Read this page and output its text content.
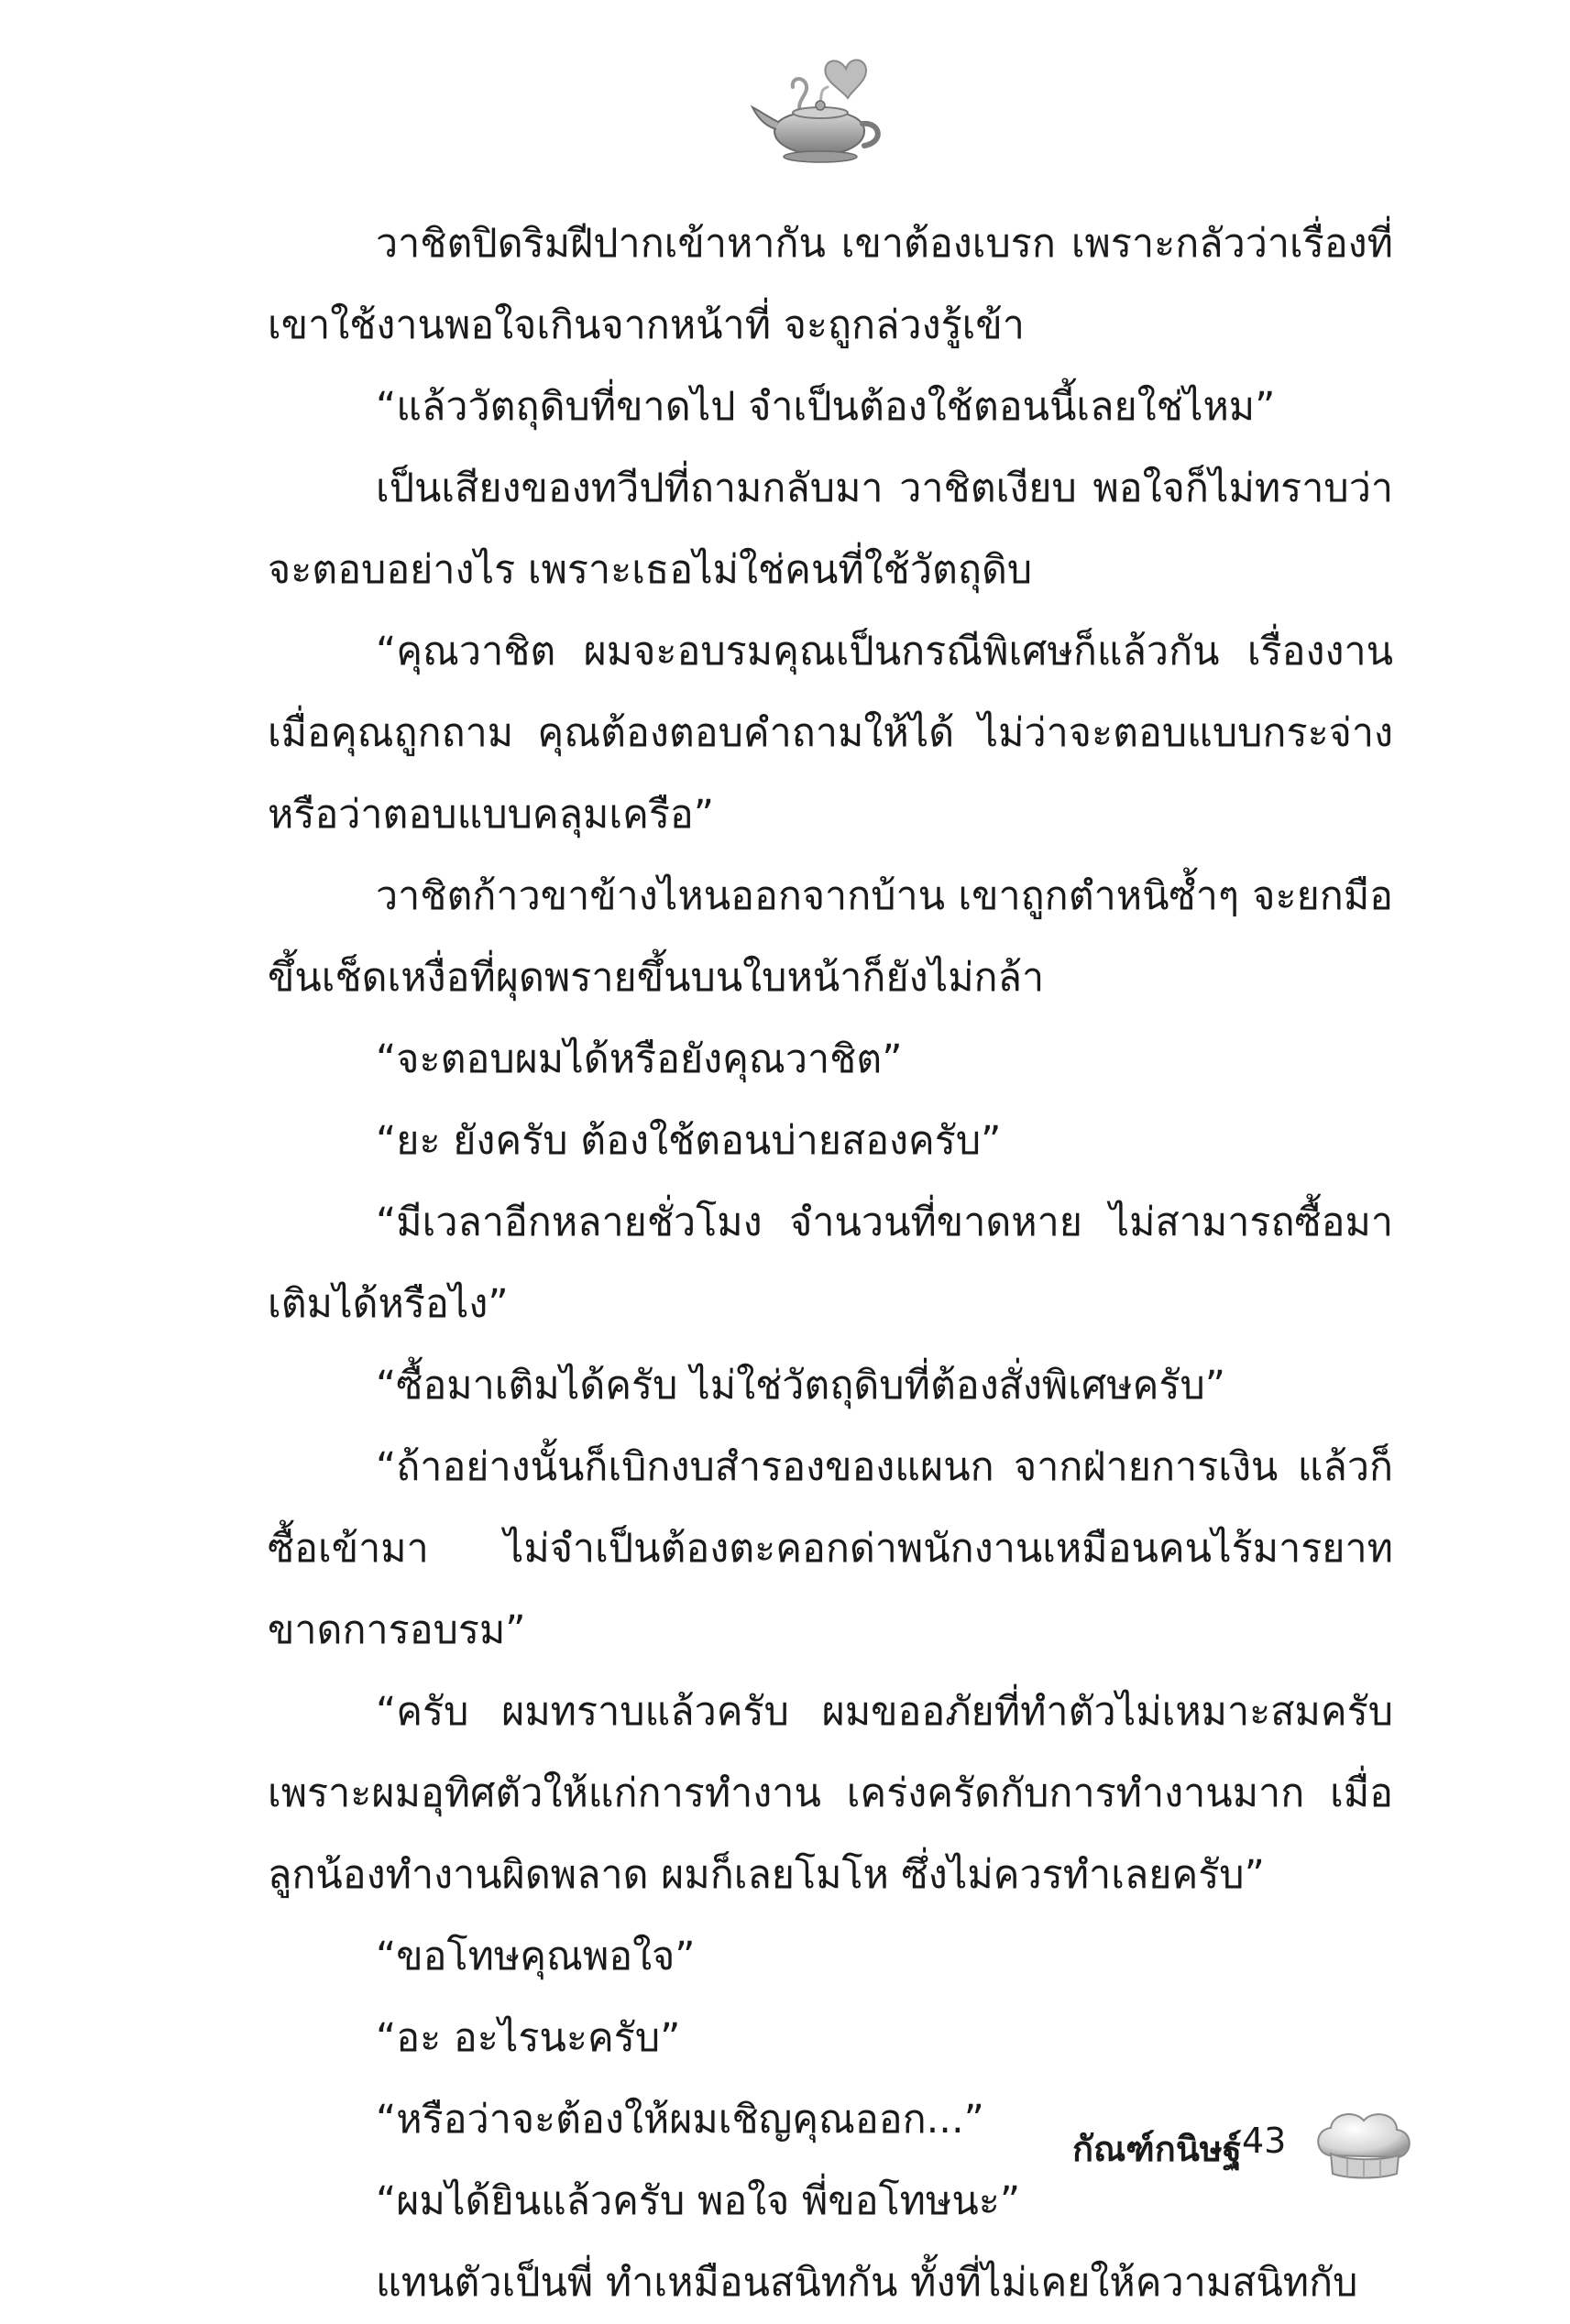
วาชิตปิดริมฝีปากเข้าหากัน เขาต้องเบรก เพราะกลัวว่าเรื่องที่เขาใช้งานพอใจเกินจากหน้าที่ จะถูกล่วงรู้เข้า

“แล้ววัตถุดิบที่ขาดไป จำเป็นต้องใช้ตอนนี้เลยใช่ไหม”

เป็นเสียงของทวีปที่ถามกลับมา วาชิตเงียบ พอใจก็ไม่ทราบว่าจะตอบอย่างไร เพราะเธอไม่ใช่คนที่ใช้วัตถุดิบ

“คุณวาชิต ผมจะอบรมคุณเป็นกรณีพิเศษก็แล้วกัน เรื่องงานเมื่อคุณถูกถาม คุณต้องตอบคำถามให้ได้ ไม่ว่าจะตอบแบบกระจ่างหรือว่าตอบแบบคลุมเครือ”

วาชิตก้าวขาข้างไหนออกจากบ้าน เขาถูกตำหนิซ้ำๆ จะยกมือขึ้นเช็ดเหงื่อที่ผุดพรายขึ้นบนใบหน้าก็ยังไม่กล้า

“จะตอบผมได้หรือยังคุณวาชิต”

“ยะ ยังครับ ต้องใช้ตอนบ่ายสองครับ”

“มีเวลาอีกหลายชั่วโมง จำนวนที่ขาดหาย ไม่สามารถซื้อมาเติมได้หรือไง”

“ซื้อมาเติมได้ครับ ไม่ใช่วัตถุดิบที่ต้องสั่งพิเศษครับ”

“ถ้าอย่างนั้นก็เบิกงบสำรองของแผนก จากฝ่ายการเงิน แล้วก็ซื้อเข้ามา ไม่จำเป็นต้องตะคอกด่าพนักงานเหมือนคนไร้มารยาท ขาดการอบรม”

“ครับ ผมทราบแล้วครับ ผมขออภัยที่ทำตัวไม่เหมาะสมครับ เพราะผมอุทิศตัวให้แก่การทำงาน เคร่งครัดกับการทำงานมาก เมื่อลูกน้องทำงานผิดพลาด ผมก็เลยโมโห ซึ่งไม่ควรทำเลยครับ”

“ขอโทษคุณพอใจ”

“อะ อะไรนะครับ”

“หรือว่าจะต้องให้ผมเชิญคุณออก...”

“ผมได้ยินแล้วครับ พอใจ พี่ขอโทษนะ”

แทนตัวเป็นพี่ ทำเหมือนสนิทกัน ทั้งที่ไม่เคยให้ความสนิทกับ

กัณฑ์กนิษฐ์ 43
